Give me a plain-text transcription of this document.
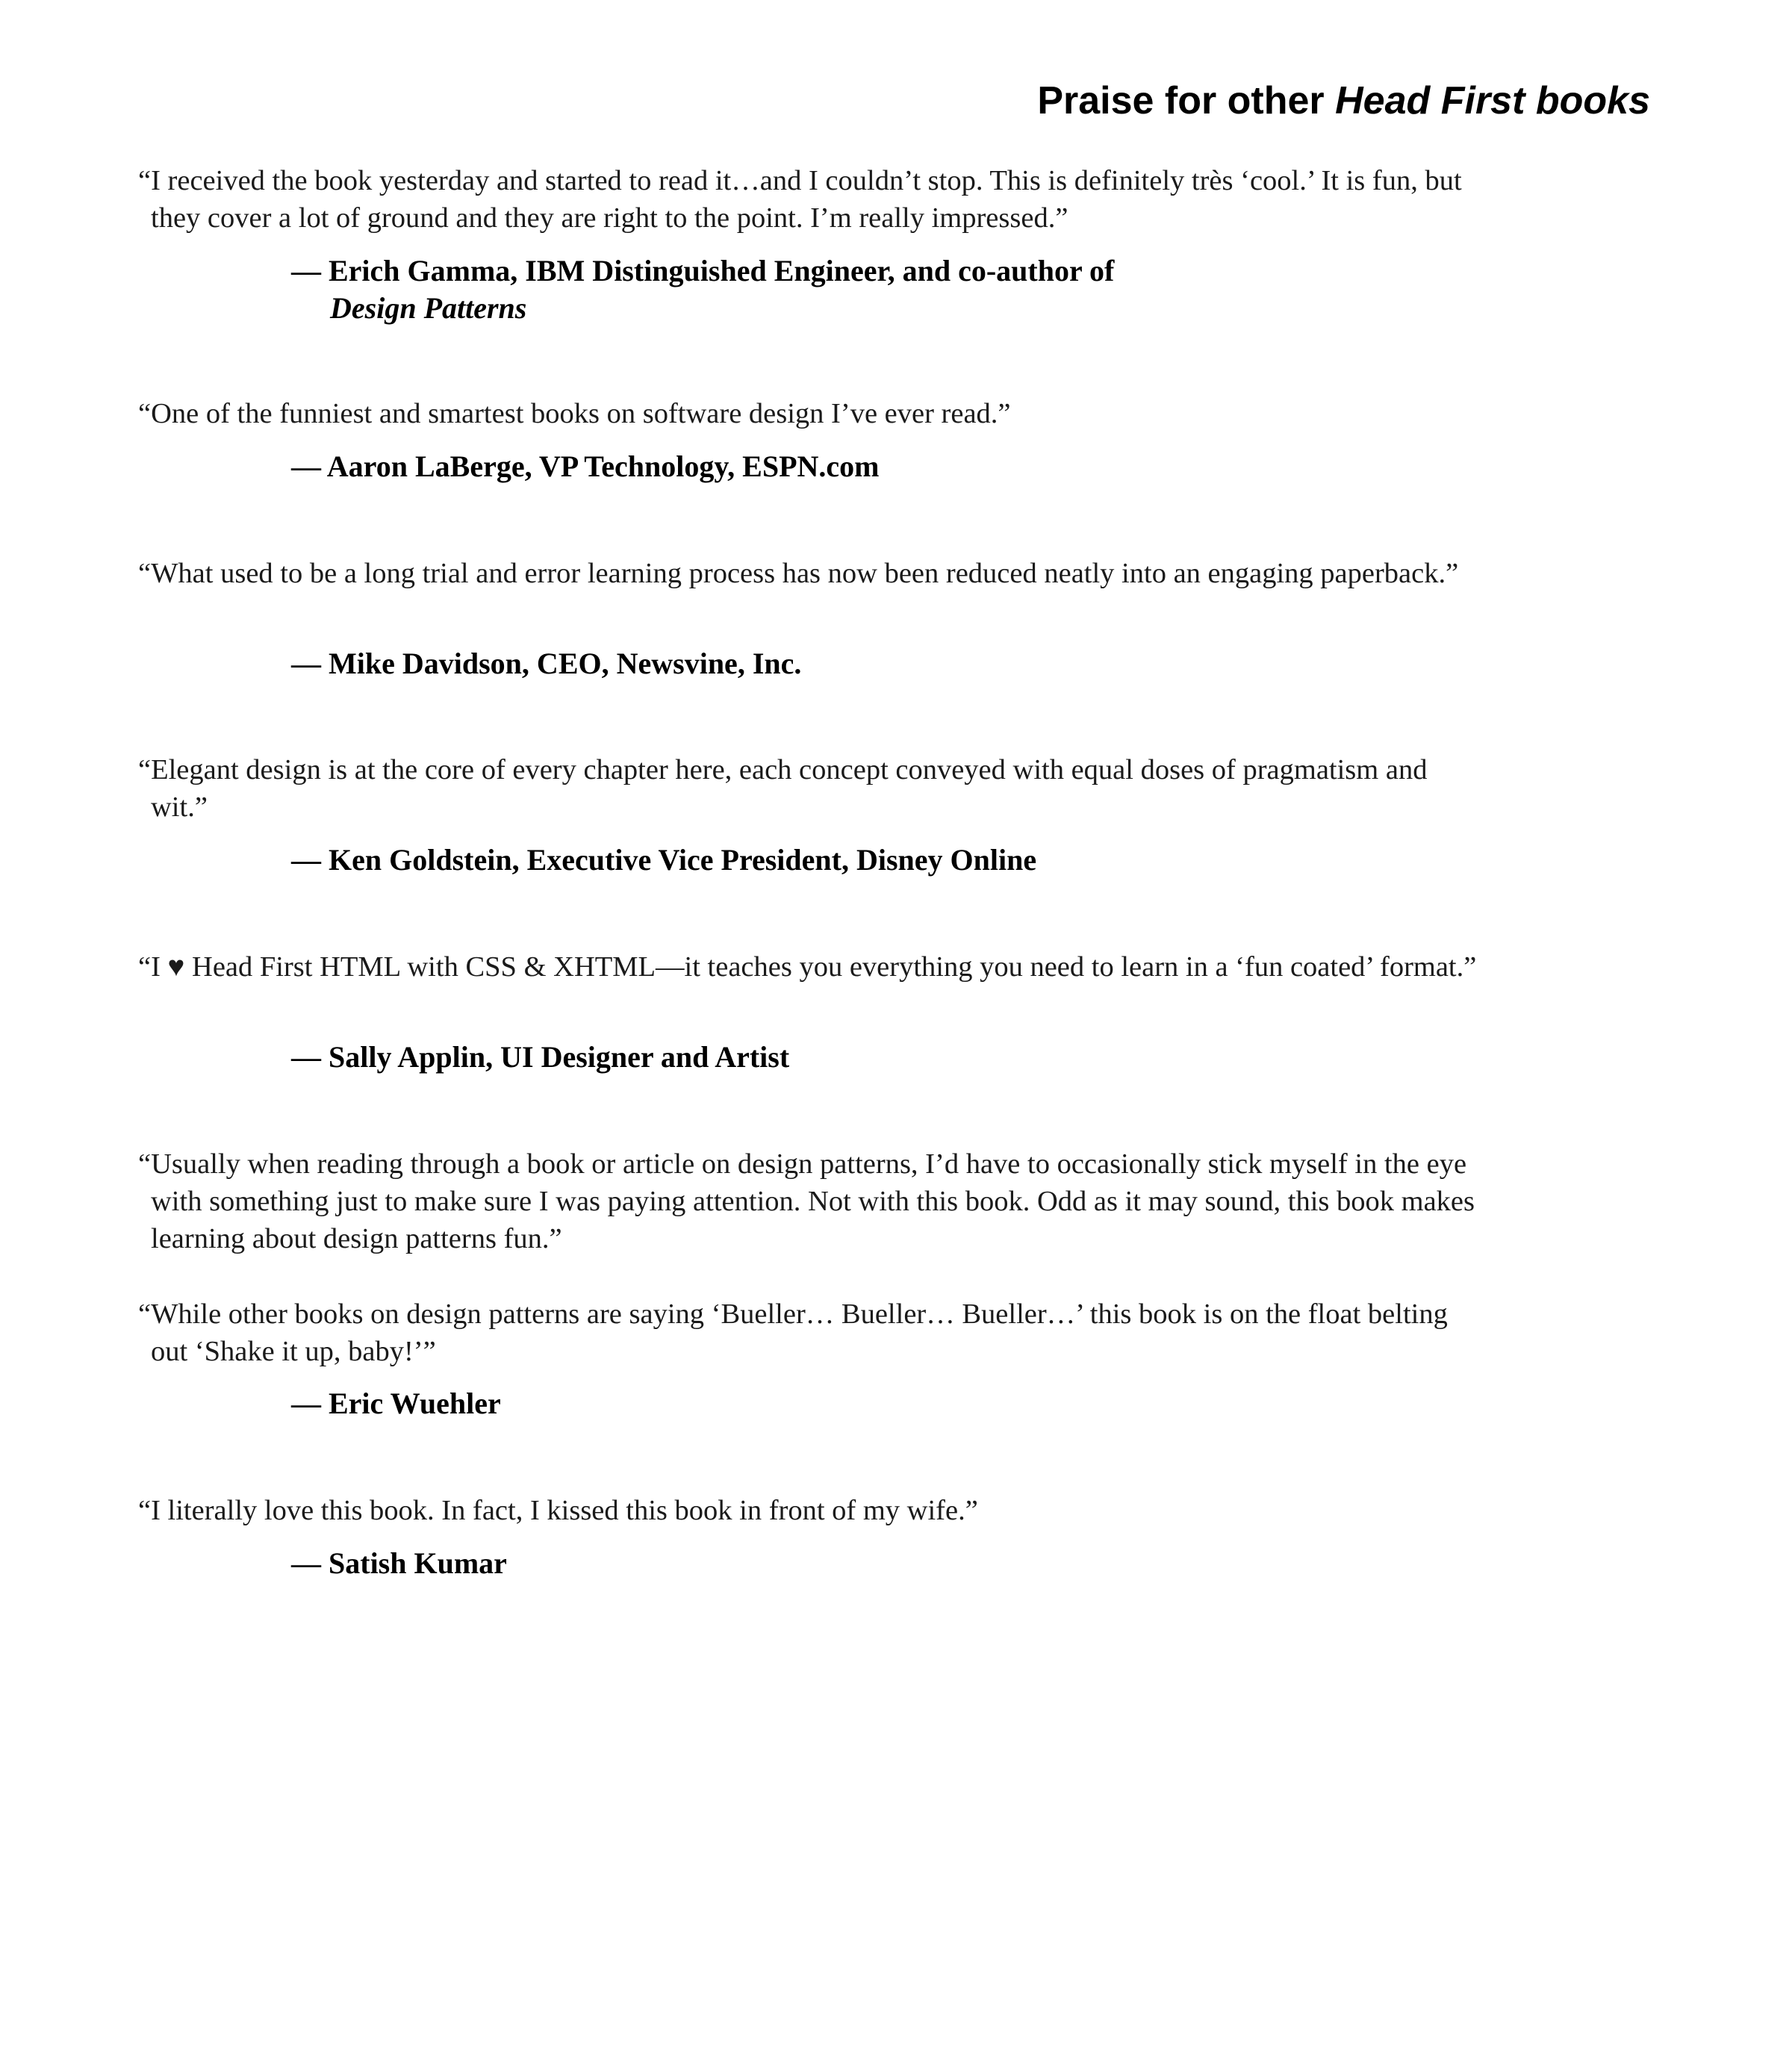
Praise for other Head First books

“I received the book yesterday and started to read it…and I couldn’t stop. This is definitely très ‘cool.’ It is fun, but they cover a lot of ground and they are right to the point. I’m really impressed.”

— Erich Gamma, IBM Distinguished Engineer, and co-author of
Design Patterns

“One of the funniest and smartest books on software design I’ve ever read.”

— Aaron LaBerge, VP Technology, ESPN.com

“What used to be a long trial and error learning process has now been reduced neatly into an engaging paperback.”

— Mike Davidson, CEO, Newsvine, Inc.

“Elegant design is at the core of every chapter here, each concept conveyed with equal doses of pragmatism and wit.”

— Ken Goldstein, Executive Vice President, Disney Online

“I ♥ Head First HTML with CSS & XHTML—it teaches you everything you need to learn in a ‘fun coated’ format.”

— Sally Applin, UI Designer and Artist

“Usually when reading through a book or article on design patterns, I’d have to occasionally stick myself in the eye with something just to make sure I was paying attention. Not with this book. Odd as it may sound, this book makes learning about design patterns fun.”

“While other books on design patterns are saying ‘Bueller… Bueller… Bueller…’ this book is on the float belting out ‘Shake it up, baby!’”

— Eric Wuehler

“I literally love this book. In fact, I kissed this book in front of my wife.”

— Satish Kumar
